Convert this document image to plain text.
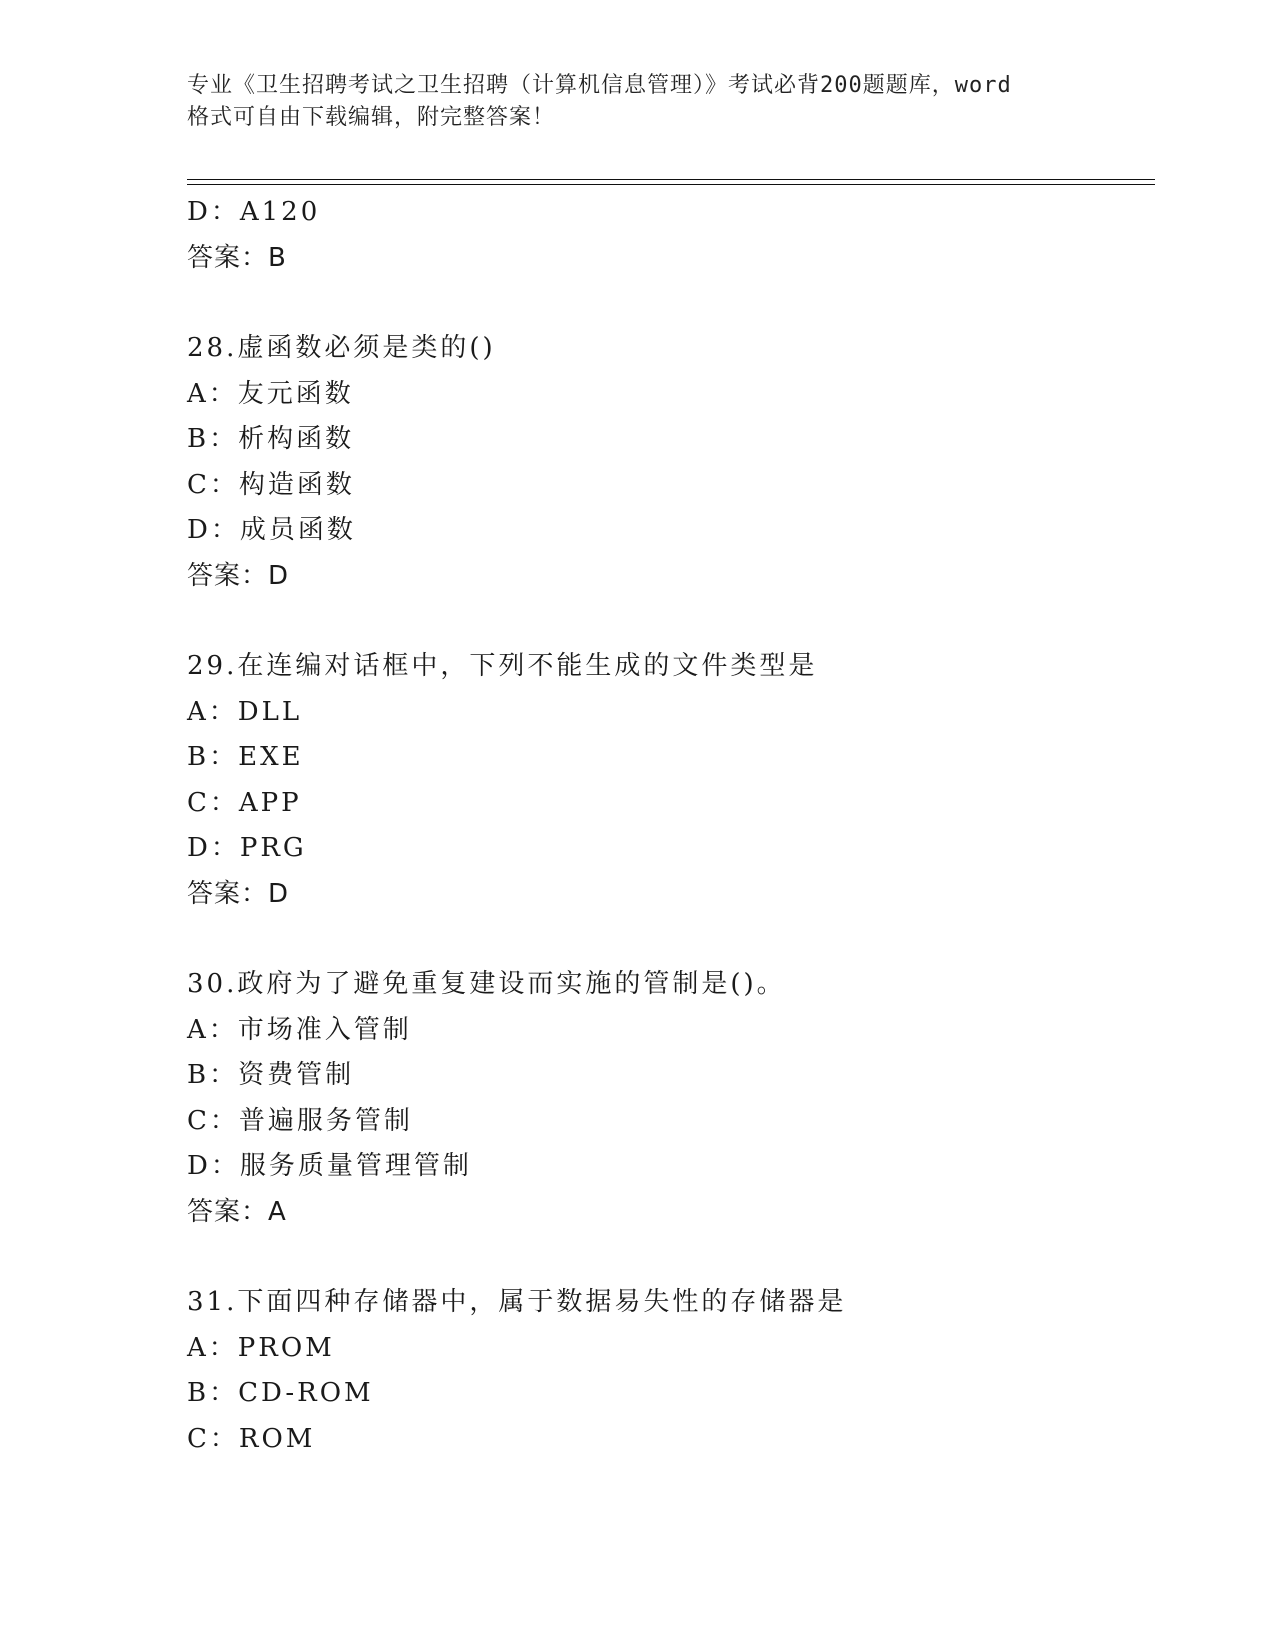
专业《卫生招聘考试之卫生招聘（计算机信息管理）》考试必背200题题库，word
格式可自由下载编辑，附完整答案！
D：A120
答案：B
28.虚函数必须是类的()
A：友元函数
B：析构函数
C：构造函数
D：成员函数
答案：D
29.在连编对话框中，下列不能生成的文件类型是
A：DLL
B：EXE
C：APP
D：PRG
答案：D
30.政府为了避免重复建设而实施的管制是()。
A：市场准入管制
B：资费管制
C：普遍服务管制
D：服务质量管理管制
答案：A
31.下面四种存储器中，属于数据易失性的存储器是
A：PROM
B：CD-ROM
C：ROM
